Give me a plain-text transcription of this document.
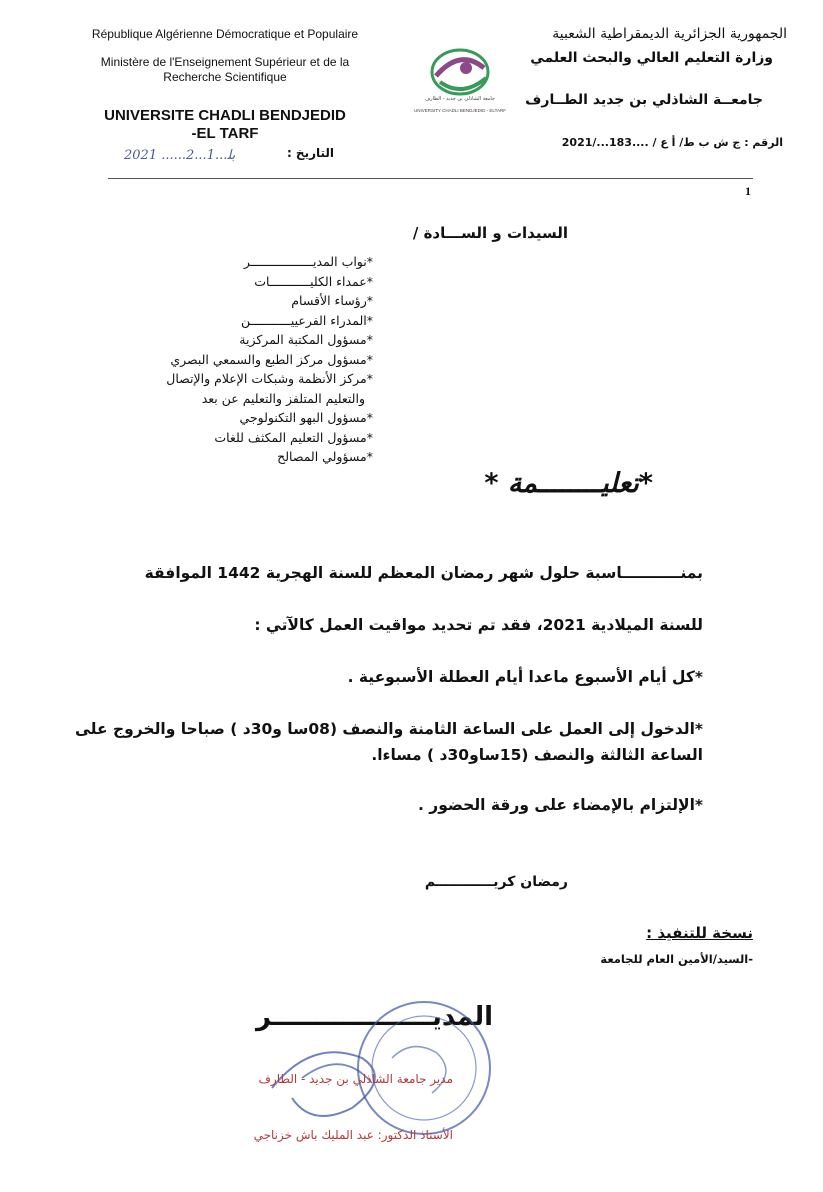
République Algérienne Démocratique et Populaire
Ministère de l'Enseignement Supérieur et de la
Recherche Scientifique
UNIVERSITE CHADLI BENDJEDID
-EL TARF
2021 ......ﺑﻠ...1...2	التاريخ :
جامعة الشاذلي بن جديد - الطارف
UNIVERSITY CHADLI BENDJEDID - ELTARF
الجمهورية الجزائرية الديمقراطية الشعبية
وزارة التعليم العالي والبحث العلمي
جامعــة الشاذلي بن جديد الطــارف
الرقم : ج ش ب ط/ أ ع / ....183.../2021
1
السيدات و الســـادة /
*نواب المديـــــــــــــــــر
*عمداء الكليـــــــــــات
*رؤساء الأقسام
*المدراء الفرعييـــــــــــن
*مسؤول المكتبة المركزية
*مسؤول مركز الطبع والسمعي البصري
*مركز الأنظمة وشبكات الإعلام والإتصال
والتعليم المتلفز والتعليم عن بعد
*مسؤول البهو التكنولوجي
*مسؤول التعليم المكثف للغات
*مسؤولي المصالح
*تعليــــــــمة *
بمنـــــــــــاسبة حلول شهر رمضان المعظم للسنة الهجرية 1442 الموافقة
للسنة الميلادية 2021، فقد تم تحديد مواقيت العمل كالآتي :
*كل أيام الأسبوع ماعدا أيام العطلة الأسبوعية .
*الدخول إلى العمل على الساعة الثامنة والنصف (08سا و30د ) صباحا والخروج على
الساعة الثالثة والنصف (15ساو30د ) مساءا.
*الإلتزام بالإمضاء على ورقة الحضور .
رمضان كريــــــــــــم
نسخة للتنفيذ :
-السيد/الأمين العام للجامعة
المديــــــــــــــــــر
مدير جامعة الشاذلي بن جديد - الطارف
الأستاذ الدكتور: عبد المليك باش خزناجي
